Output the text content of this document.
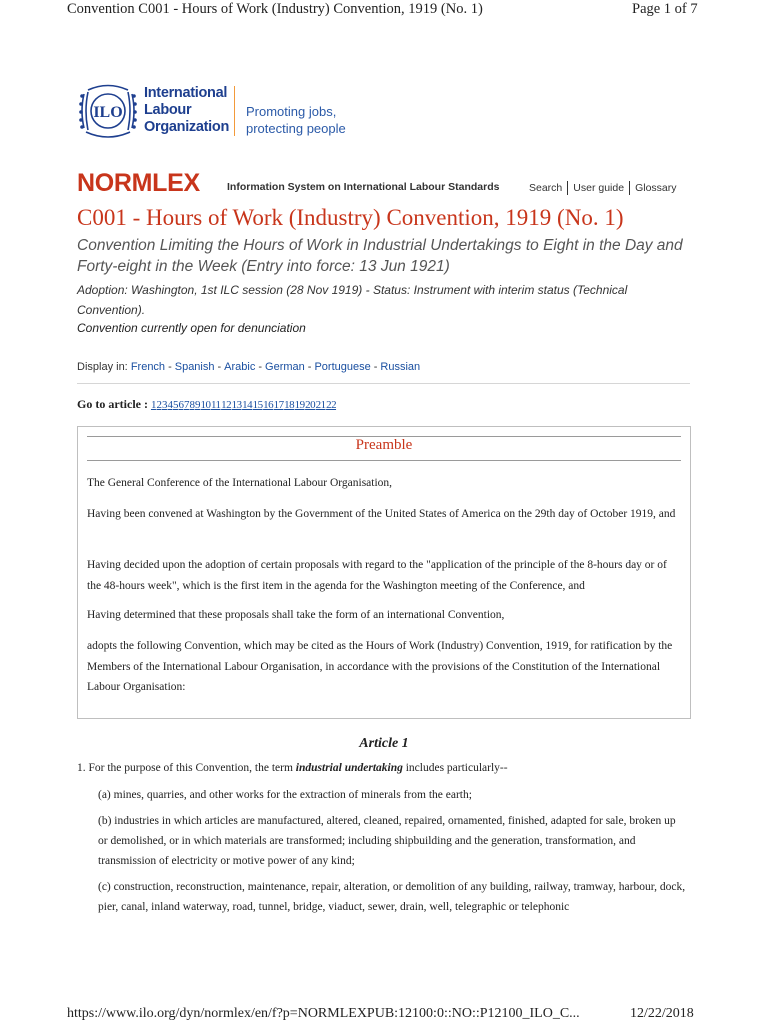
Convention C001 - Hours of Work (Industry) Convention, 1919 (No. 1)	Page 1 of 7
ILO
International
Labour
Organization
Promoting jobs,
protecting people
NORMLEX	Information System on International Labour Standards	Search User guide Glossary
C001 - Hours of Work (Industry) Convention, 1919 (No. 1)
Convention Limiting the Hours of Work in Industrial Undertakings to Eight in the Day and Forty-eight in the Week (Entry into force: 13 Jun 1921)
Adoption: Washington, 1st ILC session (28 Nov 1919) - Status: Instrument with interim status (Technical Convention).
Convention currently open for denunciation
Display in: French - Spanish - Arabic - German - Portuguese - Russian
Go to article : 12345678910111213141516171819202122
Preamble
The General Conference of the International Labour Organisation,
Having been convened at Washington by the Government of the United States of America on the 29th day of October 1919, and
Having decided upon the adoption of certain proposals with regard to the "application of the principle of the 8-hours day or of the 48-hours week", which is the first item in the agenda for the Washington meeting of the Conference, and
Having determined that these proposals shall take the form of an international Convention,
adopts the following Convention, which may be cited as the Hours of Work (Industry) Convention, 1919, for ratification by the Members of the International Labour Organisation, in accordance with the provisions of the Constitution of the International Labour Organisation:
Article 1
1. For the purpose of this Convention, the term industrial undertaking includes particularly--
(a) mines, quarries, and other works for the extraction of minerals from the earth;
(b) industries in which articles are manufactured, altered, cleaned, repaired, ornamented, finished, adapted for sale, broken up or demolished, or in which materials are transformed; including shipbuilding and the generation, transformation, and transmission of electricity or motive power of any kind;
(c) construction, reconstruction, maintenance, repair, alteration, or demolition of any building, railway, tramway, harbour, dock, pier, canal, inland waterway, road, tunnel, bridge, viaduct, sewer, drain, well, telegraphic or telephonic
https://www.ilo.org/dyn/normlex/en/f?p=NORMLEXPUB:12100:0::NO::P12100_ILO_C...	12/22/2018
